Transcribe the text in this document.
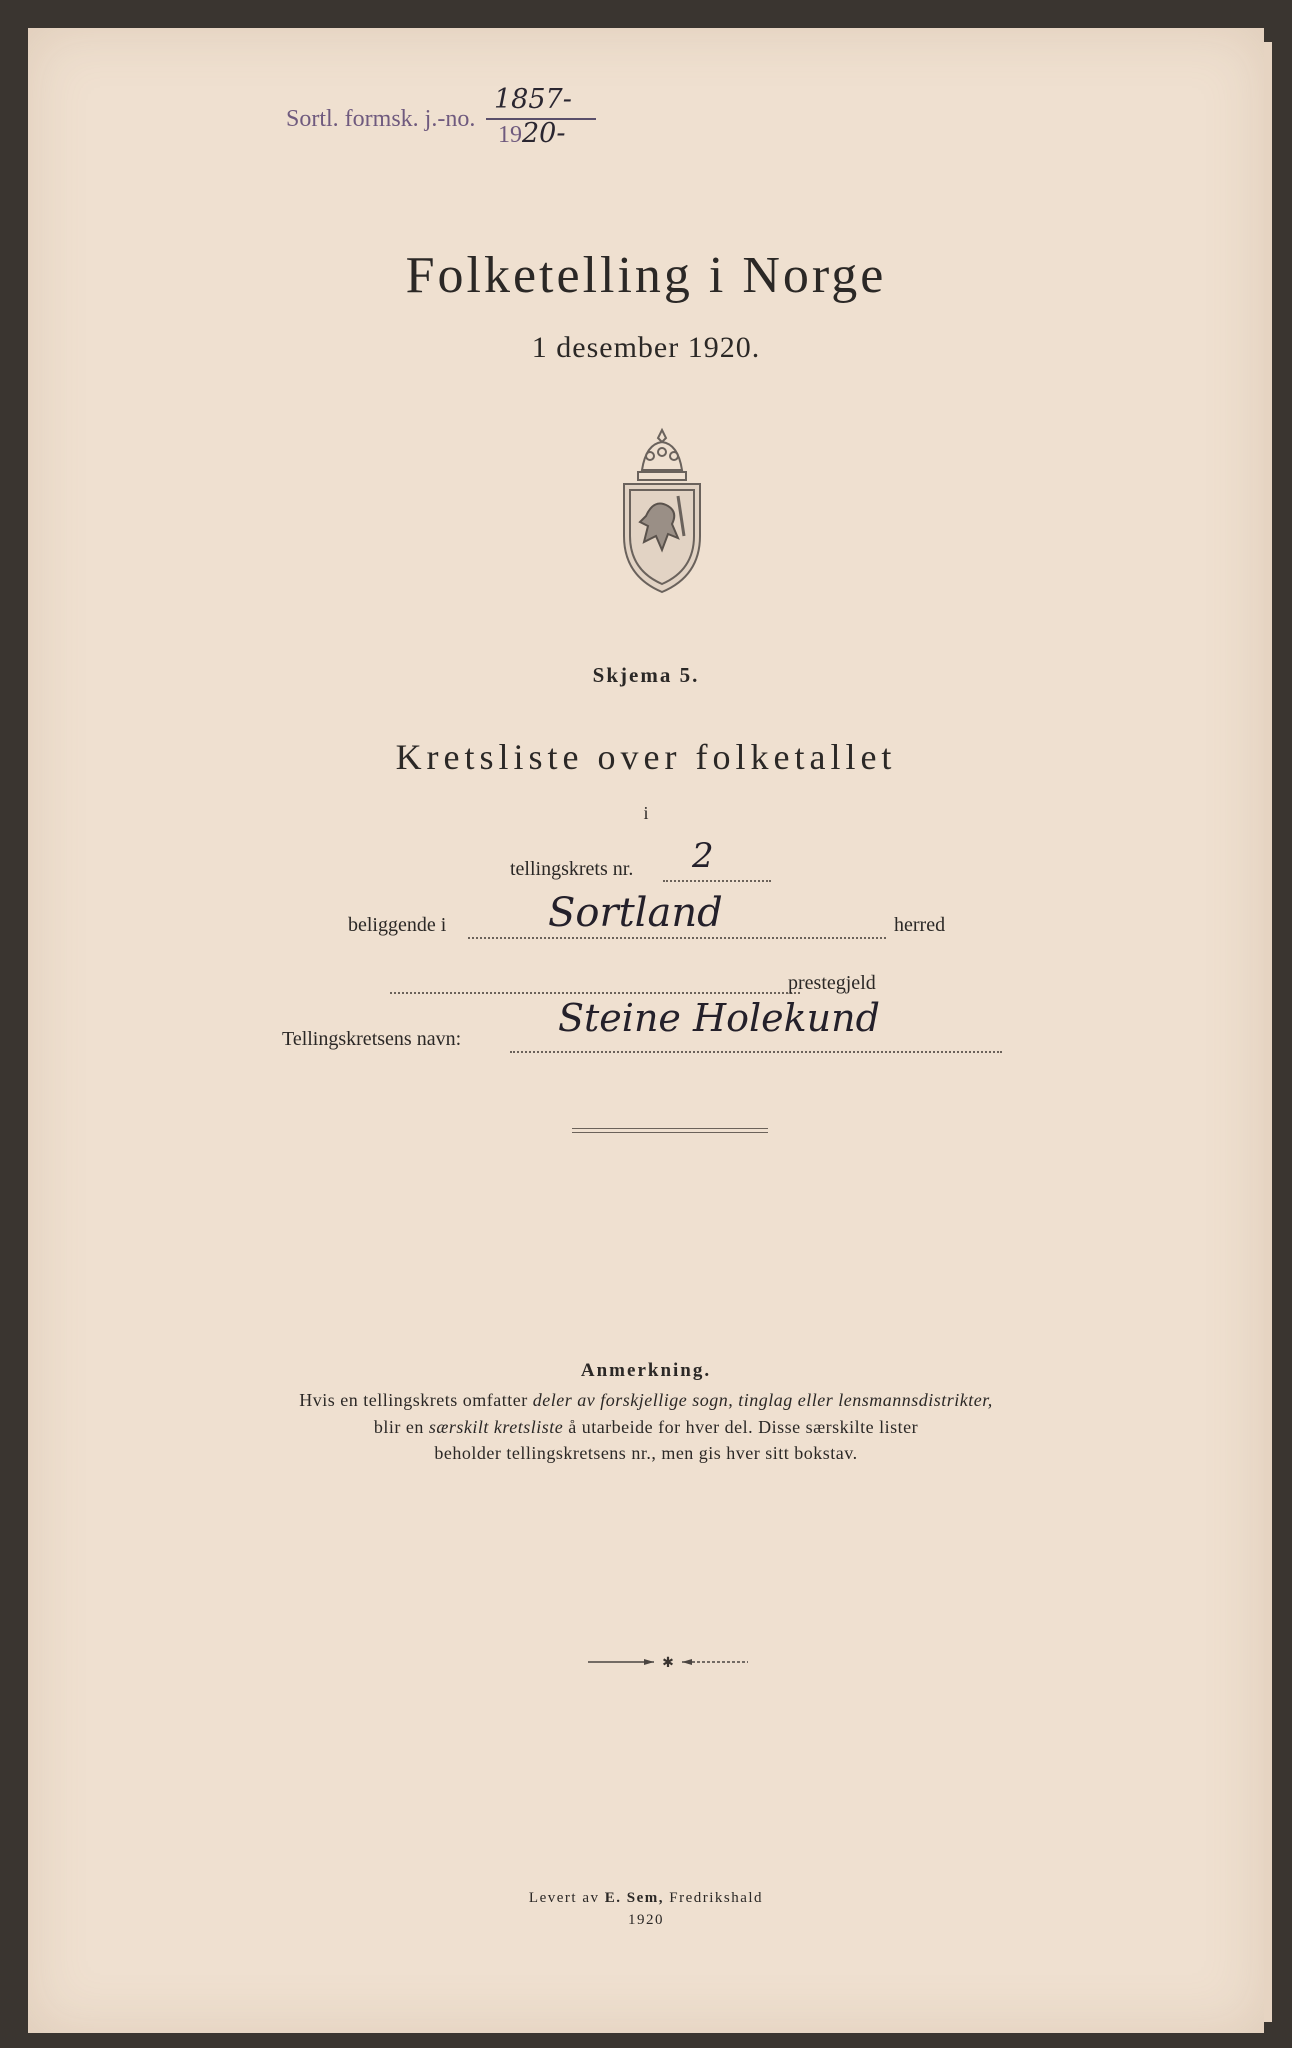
Sortl. formsk. j.-no.
1857-
1920-
Folketelling i Norge
1 desember 1920.
Skjema 5.
Kretsliste over folketallet
i
tellingskrets nr. 2
beliggende i	Sortland	herred
prestegjeld
Tellingskretsens navn:	Steine Holekund
Anmerkning.
Hvis en tellingskrets omfatter deler av forskjellige sogn, tinglag eller lensmannsdistrikter,
blir en særskilt kretsliste å utarbeide for hver del. Disse særskilte lister
beholder tellingskretsens nr., men gis hver sitt bokstav.
✱
Levert av E. Sem, Fredrikshald
1920
